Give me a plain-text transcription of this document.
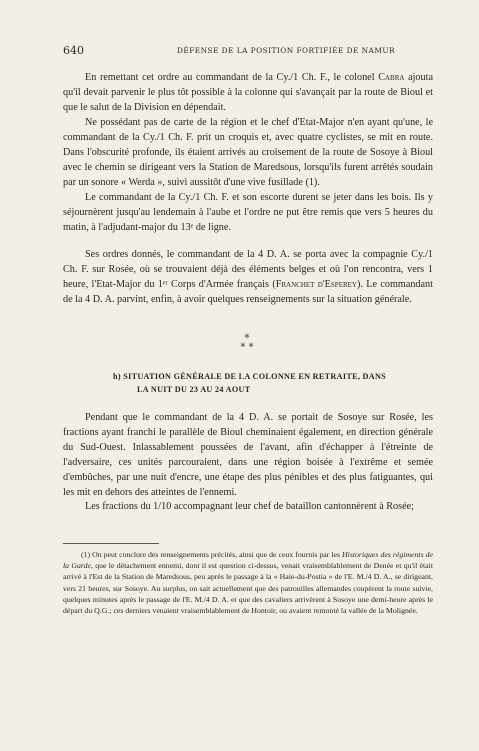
640	DÉFENSE DE LA POSITION FORTIFIÉE DE NAMUR

En remettant cet ordre au commandant de la Cy./1 Ch. F., le colonel Cabra ajouta qu'il devait parvenir le plus tôt possible à la colonne qui s'avançait par la route de Bioul et que le salut de la Division en dépendait.

Ne possédant pas de carte de la région et le chef d'Etat-Major n'en ayant qu'une, le commandant de la Cy./1 Ch. F. prit un croquis et, avec quatre cyclistes, se mit en route. Dans l'obscurité profonde, ils étaient arrivés au croisement de la route de Sosoye à Bioul avec le chemin se dirigeant vers la Station de Maredsous, lorsqu'ils furent arrêtés soudain par un sonore « Werda », suivi aussitôt d'une vive fusillade (1).

Le commandant de la Cy./1 Ch. F. et son escorte durent se jeter dans les bois. Ils y séjournèrent jusqu'au lendemain à l'aube et l'ordre ne put être remis que vers 5 heures du matin, à l'adjudant-major du 13ᵉ de ligne.

Ses ordres donnés, le commandant de la 4 D. A. se porta avec la compagnie Cy./1 Ch. F. sur Rosée, où se trouvaient déjà des éléments belges et où l'on rencontra, vers 1 heure, l'Etat-Major du 1ᵉʳ Corps d'Armée français (Franchet d'Esperey). Le commandant de la 4 D. A. parvint, enfin, à avoir quelques renseignements sur la situation générale.

*
* *
h) SITUATION GÉNÉRALE DE LA COLONNE EN RETRAITE, DANS
LA NUIT DU 23 AU 24 AOUT

Pendant que le commandant de la 4 D. A. se portait de Sosoye sur Rosée, les fractions ayant franchi le parallèle de Bioul cheminaient également, en direction générale du Sud-Ouest. Inlassablement poussées de l'avant, afin d'échapper à l'étreinte de l'adversaire, ces unités parcouraient, dans une région boisée à l'extrême et semée d'embûches, par une nuit d'encre, une étape des plus pénibles et des plus fatiguantes, qui les mit en dehors des atteintes de l'ennemi.

Les fractions du 1/10 accompagnant leur chef de bataillon cantonnèrent à Rosée;

(1) On peut conclure des renseignements précités, ainsi que de ceux fournis par les Historiques des régiments de la Garde, que le détachement ennemi, dont il est question ci-dessus, venait vraisemblablement de Denée et qu'il était arrivé à l'Est de la Station de Maredsous, peu après le passage à la « Haie-du-Postia » de l'E. M./4 D. A., se dirigeant, vers 21 heures, sur Sosoye. Au surplus, on sait actuellement que des patrouilles allemandes coupèrent la route suivie, quelques minutes après le passage de l'E. M./4 D. A. et que des cavaliers arrivèrent à Sosoye une demi-heure après le départ du Q.G.; ces derniers venaient vraisemblablement de Hontoir, ou avaient remonté la vallée de la Molignée.
